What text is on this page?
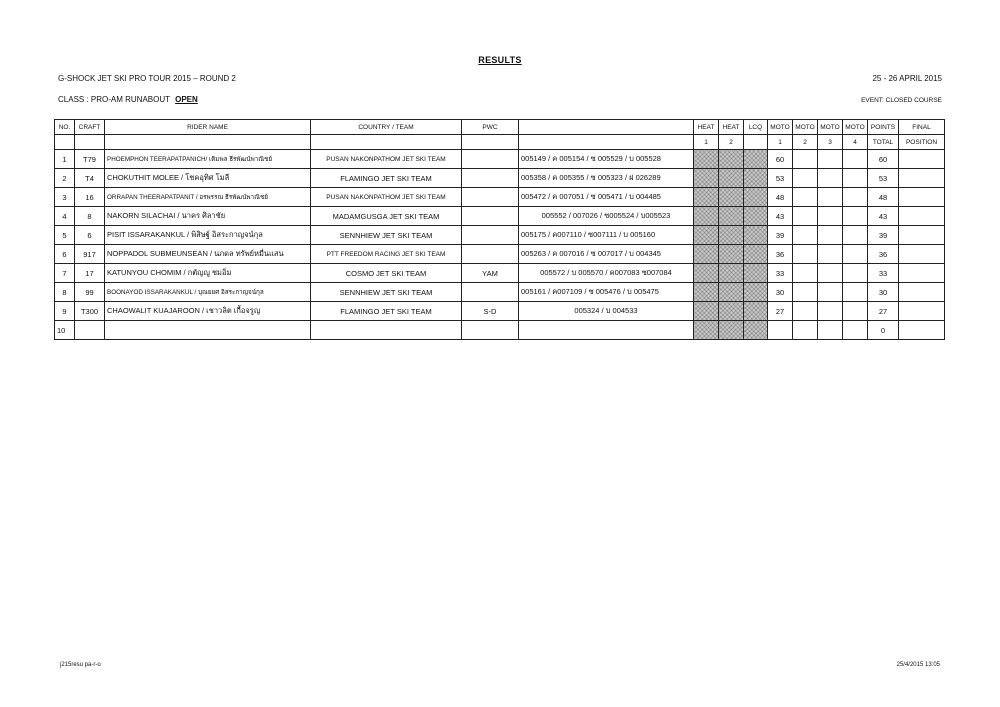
RESULTS
G-SHOCK JET SKI PRO TOUR 2015 – ROUND 2	25 - 26 APRIL 2015
CLASS : PRO-AM RUNABOUT OPEN	EVENT: CLOSED COURSE
NO.	CRAFT	RIDER NAME	COUNTRY / TEAM	PWC		HEAT	HEAT	LCQ	MOTO	MOTO	MOTO	MOTO	POINTS	FINAL
						1	2		1	2	3	4	TOTAL	POSITION
1	T79	PHOEMPHON TEERAPATPANICH/ เติมพล ธีรพัฒน์พาณิชย์	PUSAN NAKONPATHOM JET SKI TEAM		005149 / ค 005154 / ซ 005529 / บ 005528				60				60	
2	T4	CHOKUTHIT MOLEE / โชคอุทิศ โมลี	FLAMINGO JET SKI TEAM		005358 / ค 005355 / ซ 005323 / ฝ 026289				53				53	
3	16	ORRAPAN THEERAPATPANIT / อรพรรณ ธีรพัฒน์พาณิชย์	PUSAN NAKONPATHOM JET SKI TEAM		005472 / ค 007051 / ซ 005471 / บ 004485				48				48	
4	8	NAKORN SILACHAI / นาคร ศิลาชัย	MADAMGUSGA JET SKI TEAM		005552 / 007026 / ซ005524 / บ005523				43				43	
5	6	PISIT ISSARAKANKUL / พิสิษฐ์ อิสระกาญจน์กุล	SENNHIEW JET SKI TEAM		005175 / ค007110 / ซ007111 / บ 005160				39				39	
6	917	NOPPADOL SUBMEUNSEAN / นภดล ทรัพย์หมื่นแสน	PTT FREEDOM RACING JET SKI TEAM		005263 / ค 007016 / ซ 007017 / บ 004345				36				36	
7	17	KATUNYOU CHOMIM / กตัญญู ชมอิ่ม	COSMO JET SKI TEAM	YAM	005572 / บ 005570 / ค007083 ซ007084				33				33	
8	99	BOONAYOD ISSARAKANKUL / บุณยยศ อิสระกาญจน์กุล	SENNHIEW JET SKI TEAM		005161 / ค007109 / ซ 005476 / บ 005475				30				30	
9	T300	CHAOWALIT KUAJAROON / เชาวลิต เกื้อจรูญ	FLAMINGO JET SKI TEAM	S-D	005324 / บ 004533				27				27	
10													0	
j215resu pa-r-o	25/4/2015 13:05
